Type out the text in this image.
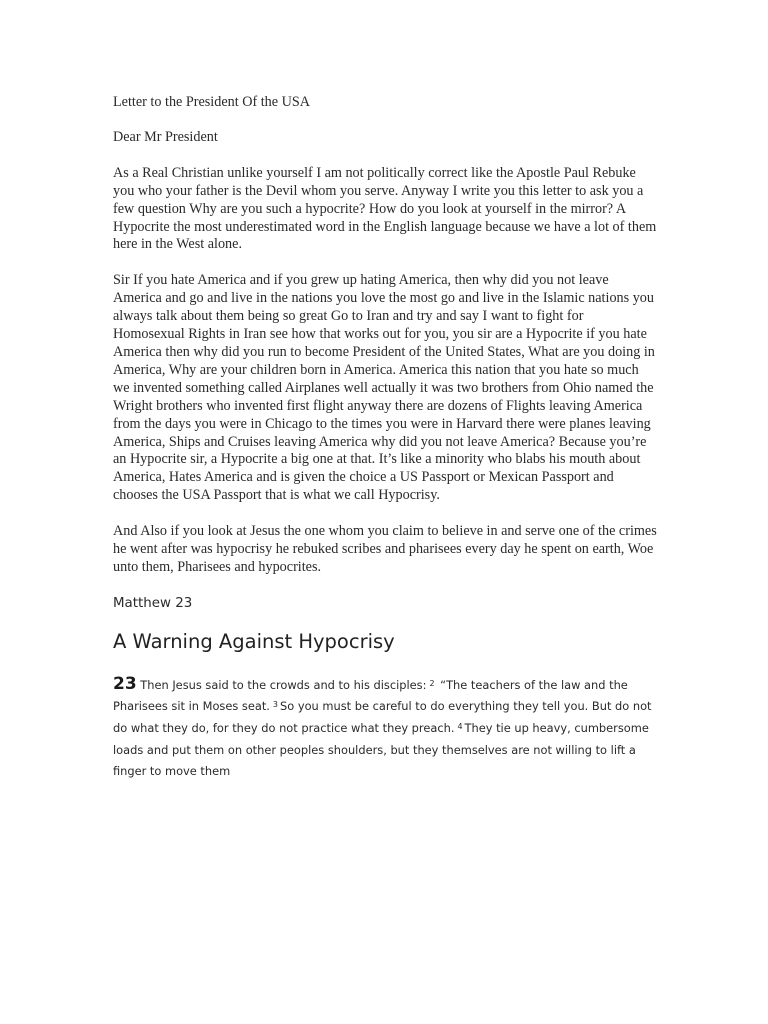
Letter to the President Of the USA

Dear Mr President

As a Real Christian unlike yourself I am not politically correct like the Apostle Paul Rebuke you who your father is the Devil whom you serve. Anyway I write you this letter to ask you a few question Why are you such a hypocrite? How do you look at yourself in the mirror? A Hypocrite the most underestimated word in the English language because we have a lot of them here in the West alone.

Sir If you hate America and if you grew up hating America, then why did you not leave America and go and live in the nations you love the most go and live in the Islamic nations you always talk about them being so great Go to Iran and try and say I want to fight for Homosexual Rights in Iran see how that works out for you, you sir are a Hypocrite if you hate America then why did you run to become President of the United States, What are you doing in America, Why are your children born in America. America this nation that you hate so much we invented something called Airplanes well actually it was two brothers from Ohio named the Wright brothers who invented first flight anyway there are dozens of Flights leaving America from the days you were in Chicago to the times you were in Harvard there were planes leaving America, Ships and Cruises leaving America why did you not leave America? Because you’re an Hypocrite sir, a Hypocrite a big one at that. It’s like a minority who blabs his mouth about America, Hates America and is given the choice a US Passport or Mexican Passport and chooses the USA Passport that is what we call Hypocrisy.

And Also if you look at Jesus the one whom you claim to believe in and serve one of the crimes he went after was hypocrisy he rebuked scribes and pharisees every day he spent on earth, Woe unto them, Pharisees and hypocrites.

Matthew 23

A Warning Against Hypocrisy

23 Then Jesus said to the crowds and to his disciples: $^2$ “The teachers of the law and the Pharisees sit in Moses seat. $^3$ So you must be careful to do everything they tell you. But do not do what they do, for they do not practice what they preach. $^4$ They tie up heavy, cumbersome loads and put them on other peoples shoulders, but they themselves are not willing to lift a finger to move them
